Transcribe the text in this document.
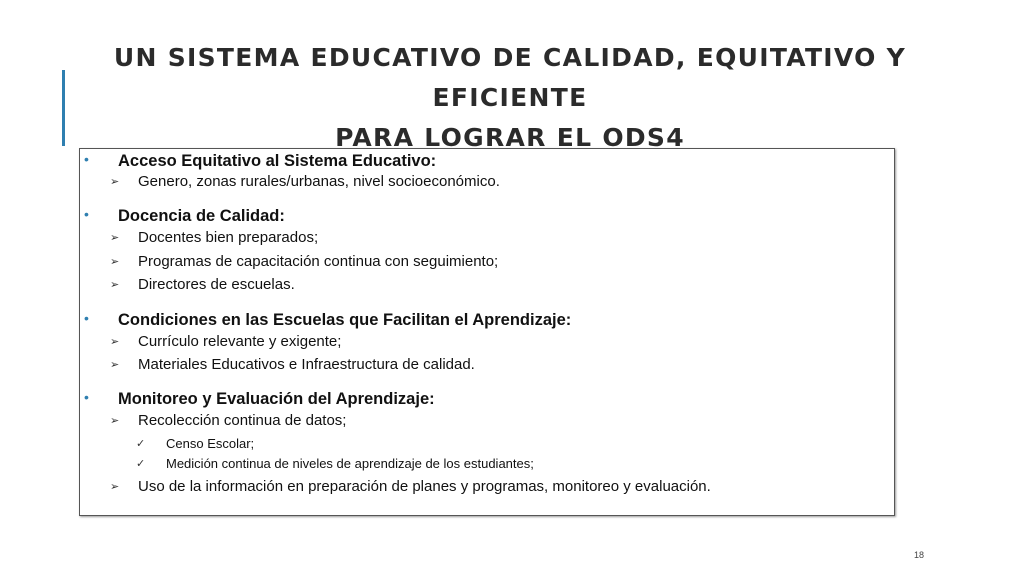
UN SISTEMA EDUCATIVO DE CALIDAD, EQUITATIVO Y EFICIENTE
PARA LOGRAR EL ODS4
• Acceso Equitativo al Sistema Educativo:
➢ Genero, zonas rurales/urbanas, nivel socioeconómico.
• Docencia de Calidad:
➢ Docentes bien preparados;
➢ Programas de capacitación continua con seguimiento;
➢ Directores de escuelas.
• Condiciones en las Escuelas que Facilitan el Aprendizaje:
➢ Currículo relevante y exigente;
➢ Materiales Educativos e Infraestructura de calidad.
• Monitoreo y Evaluación del Aprendizaje:
➢ Recolección continua de datos;
✓ Censo Escolar;
✓ Medición continua de niveles de aprendizaje de los estudiantes;
➢ Uso de la información en preparación de planes y programas, monitoreo y evaluación.
18
